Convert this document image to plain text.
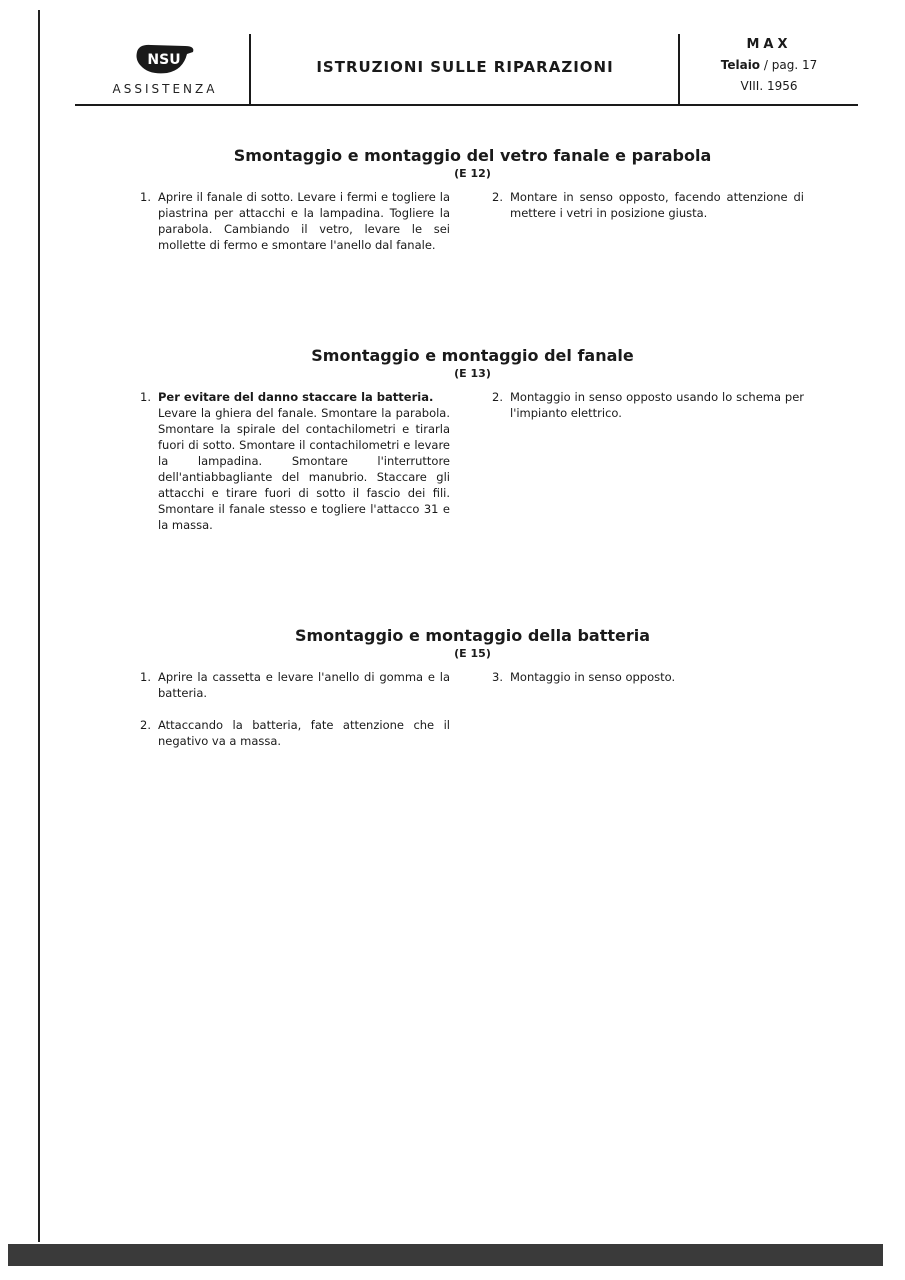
NSU
ASSISTENZA
ISTRUZIONI SULLE RIPARAZIONI
MAX
Telaio / pag. 17
VIII. 1956
Smontaggio e montaggio del vetro fanale e parabola
(E 12)

1. Aprire il fanale di sotto. Levare i fermi e togliere la piastrina per attacchi e la lampadina. Togliere la parabola. Cambiando il vetro, levare le sei mollette di fermo e smontare l'anello dal fanale.

2. Montare in senso opposto, facendo attenzione di mettere i vetri in posizione giusta.

Smontaggio e montaggio del fanale
(E 13)

1. Per evitare del danno staccare la batteria.
Levare la ghiera del fanale. Smontare la parabola. Smontare la spirale del contachilometri e tirarla fuori di sotto. Smontare il contachilometri e levare la lampadina. Smontare l'interruttore dell'antiabbagliante del manubrio. Staccare gli attacchi e tirare fuori di sotto il fascio dei fili. Smontare il fanale stesso e togliere l'attacco 31 e la massa.

2. Montaggio in senso opposto usando lo schema per l'impianto elettrico.

Smontaggio e montaggio della batteria
(E 15)

1. Aprire la cassetta e levare l'anello di gomma e la batteria.

2. Attaccando la batteria, fate attenzione che il negativo va a massa.

3. Montaggio in senso opposto.
